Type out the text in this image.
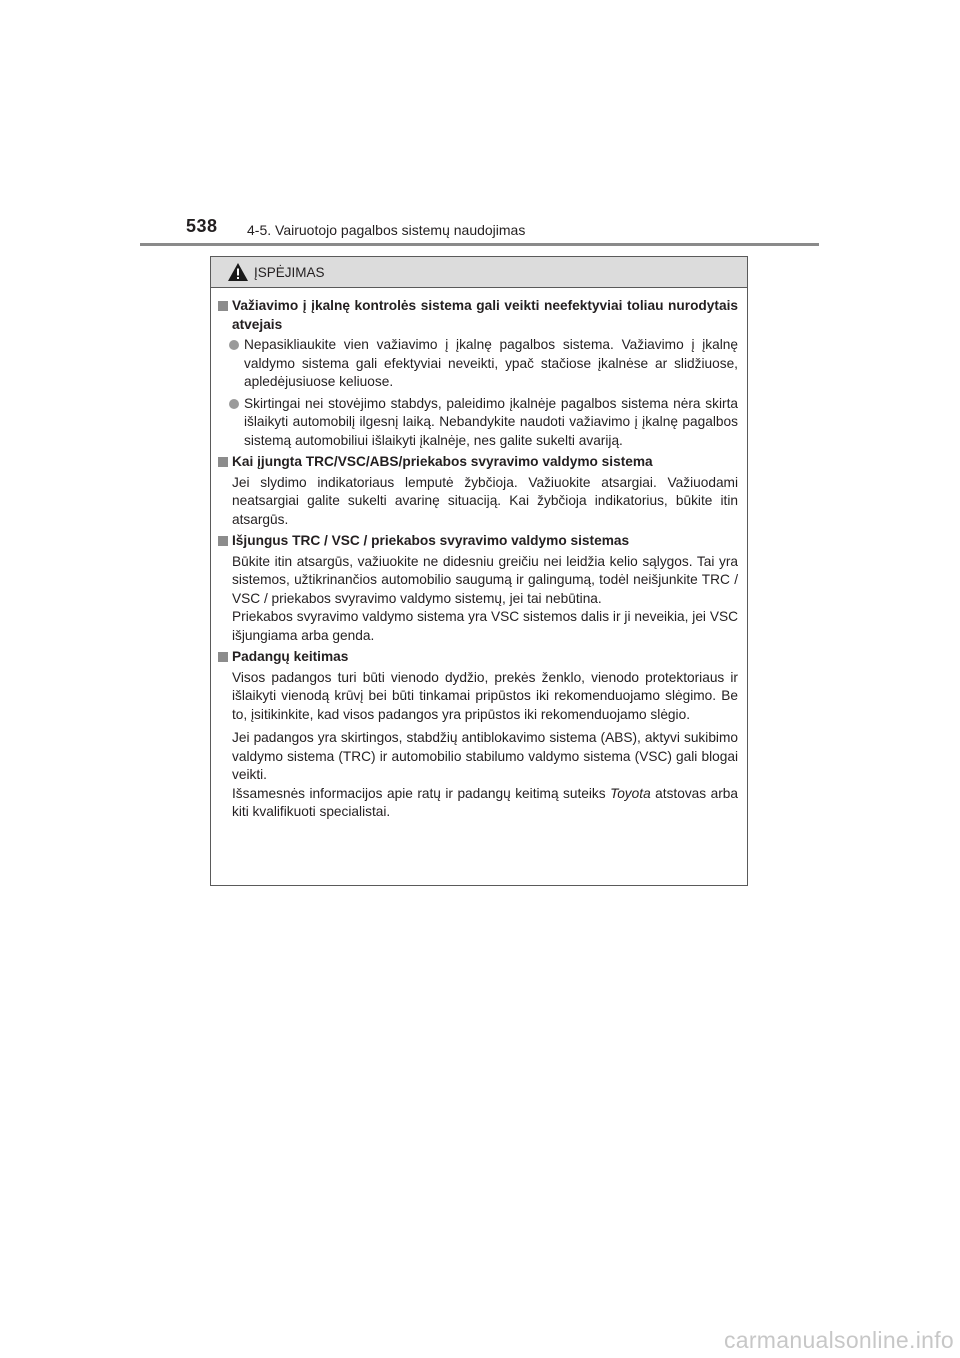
538 4-5. Vairuotojo pagalbos sistemų naudojimas
ĮSPĖJIMAS
Važiavimo į įkalnę kontrolės sistema gali veikti neefektyviai toliau nurodytais atvejais
Nepasikliaukite vien važiavimo į įkalnę pagalbos sistema. Važiavimo į įkalnę valdymo sistema gali efektyviai neveikti, ypač stačiose įkalnėse ar slidžiuose, apledėjusiuose keliuose.
Skirtingai nei stovėjimo stabdys, paleidimo įkalnėje pagalbos sistema nėra skirta išlaikyti automobilį ilgesnį laiką. Nebandykite naudoti važiavimo į įkalnę pagalbos sistemą automobiliui išlaikyti įkalnėje, nes galite sukelti avariją.
Kai įjungta TRC/VSC/ABS/priekabos svyravimo valdymo sistema
Jei slydimo indikatoriaus lemputė žybčioja. Važiuokite atsargiai. Važiuodami neatsargiai galite sukelti avarinę situaciją. Kai žybčioja indikatorius, būkite itin atsargūs.
Išjungus TRC / VSC / priekabos svyravimo valdymo sistemas
Būkite itin atsargūs, važiuokite ne didesniu greičiu nei leidžia kelio sąlygos. Tai yra sistemos, užtikrinančios automobilio saugumą ir galingumą, todėl neišjunkite TRC / VSC / priekabos svyravimo valdymo sistemų, jei tai nebūtina.
Priekabos svyravimo valdymo sistema yra VSC sistemos dalis ir ji neveikia, jei VSC išjungiama arba genda.
Padangų keitimas
Visos padangos turi būti vienodo dydžio, prekės ženklo, vienodo protektoriaus ir išlaikyti vienodą krūvį bei būti tinkamai pripūstos iki rekomenduojamo slėgimo. Be to, įsitikinkite, kad visos padangos yra pripūstos iki rekomenduojamo slėgio.
Jei padangos yra skirtingos, stabdžių antiblokavimo sistema (ABS), aktyvi sukibimo valdymo sistema (TRC) ir automobilio stabilumo valdymo sistema (VSC) gali blogai veikti.
Išsamesnės informacijos apie ratų ir padangų keitimą suteiks Toyota atstovas arba kiti kvalifikuoti specialistai.
carmanualsonline.info
